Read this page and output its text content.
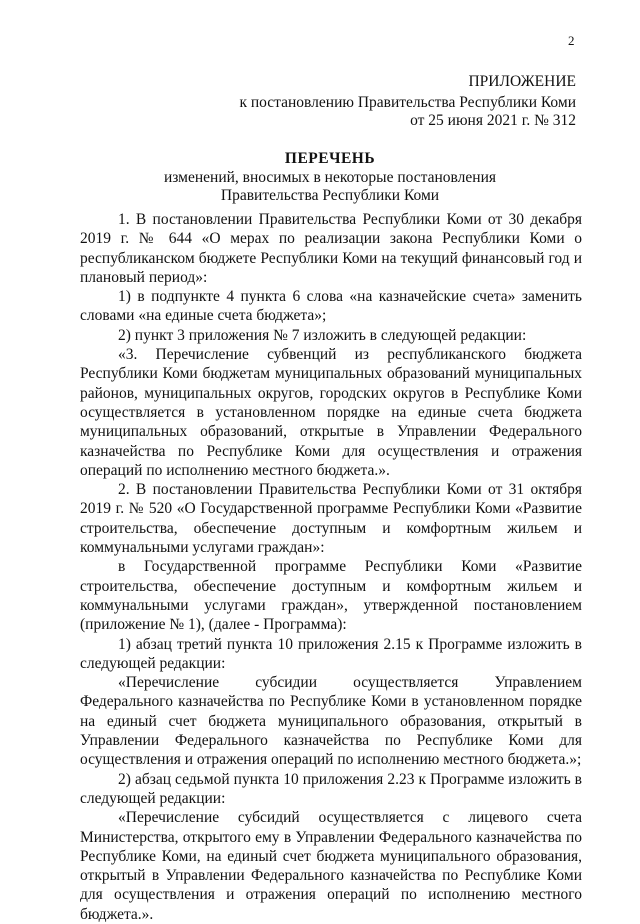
2
ПРИЛОЖЕНИЕ
к постановлению Правительства Республики Коми
от 25 июня 2021 г. № 312
ПЕРЕЧЕНЬ
изменений, вносимых в некоторые постановления
Правительства Республики Коми

1. В постановлении Правительства Республики Коми от 30 декабря 2019 г. № 644 «О мерах по реализации закона Республики Коми о республиканском бюджете Республики Коми на текущий финансовый год и плановый период»:

1) в подпункте 4 пункта 6 слова «на казначейские счета» заменить словами «на единые счета бюджета»;

2) пункт 3 приложения № 7 изложить в следующей редакции:

«3. Перечисление субвенций из республиканского бюджета Республики Коми бюджетам муниципальных образований муниципальных районов, муниципальных округов, городских округов в Республике Коми осуществляется в установленном порядке на единые счета бюджета муниципальных образований, открытые в Управлении Федерального казначейства по Республике Коми для осуществления и отражения операций по исполнению местного бюджета.».

2. В постановлении Правительства Республики Коми от 31 октября 2019 г. № 520 «О Государственной программе Республики Коми «Развитие строительства, обеспечение доступным и комфортным жильем и коммунальными услугами граждан»:

в Государственной программе Республики Коми «Развитие строительства, обеспечение доступным и комфортным жильем и коммунальными услугами граждан», утвержденной постановлением (приложение № 1), (далее - Программа):

1) абзац третий пункта 10 приложения 2.15 к Программе изложить в следующей редакции:

«Перечисление субсидии осуществляется Управлением Федерального казначейства по Республике Коми в установленном порядке на единый счет бюджета муниципального образования, открытый в Управлении Федерального казначейства по Республике Коми для осуществления и отражения операций по исполнению местного бюджета.»;

2) абзац седьмой пункта 10 приложения 2.23 к Программе изложить в следующей редакции:

«Перечисление субсидий осуществляется с лицевого счета Министерства, открытого ему в Управлении Федерального казначейства по Республике Коми, на единый счет бюджета муниципального образования, открытый в Управлении Федерального казначейства по Республике Коми для осуществления и отражения операций по исполнению местного бюджета.».
